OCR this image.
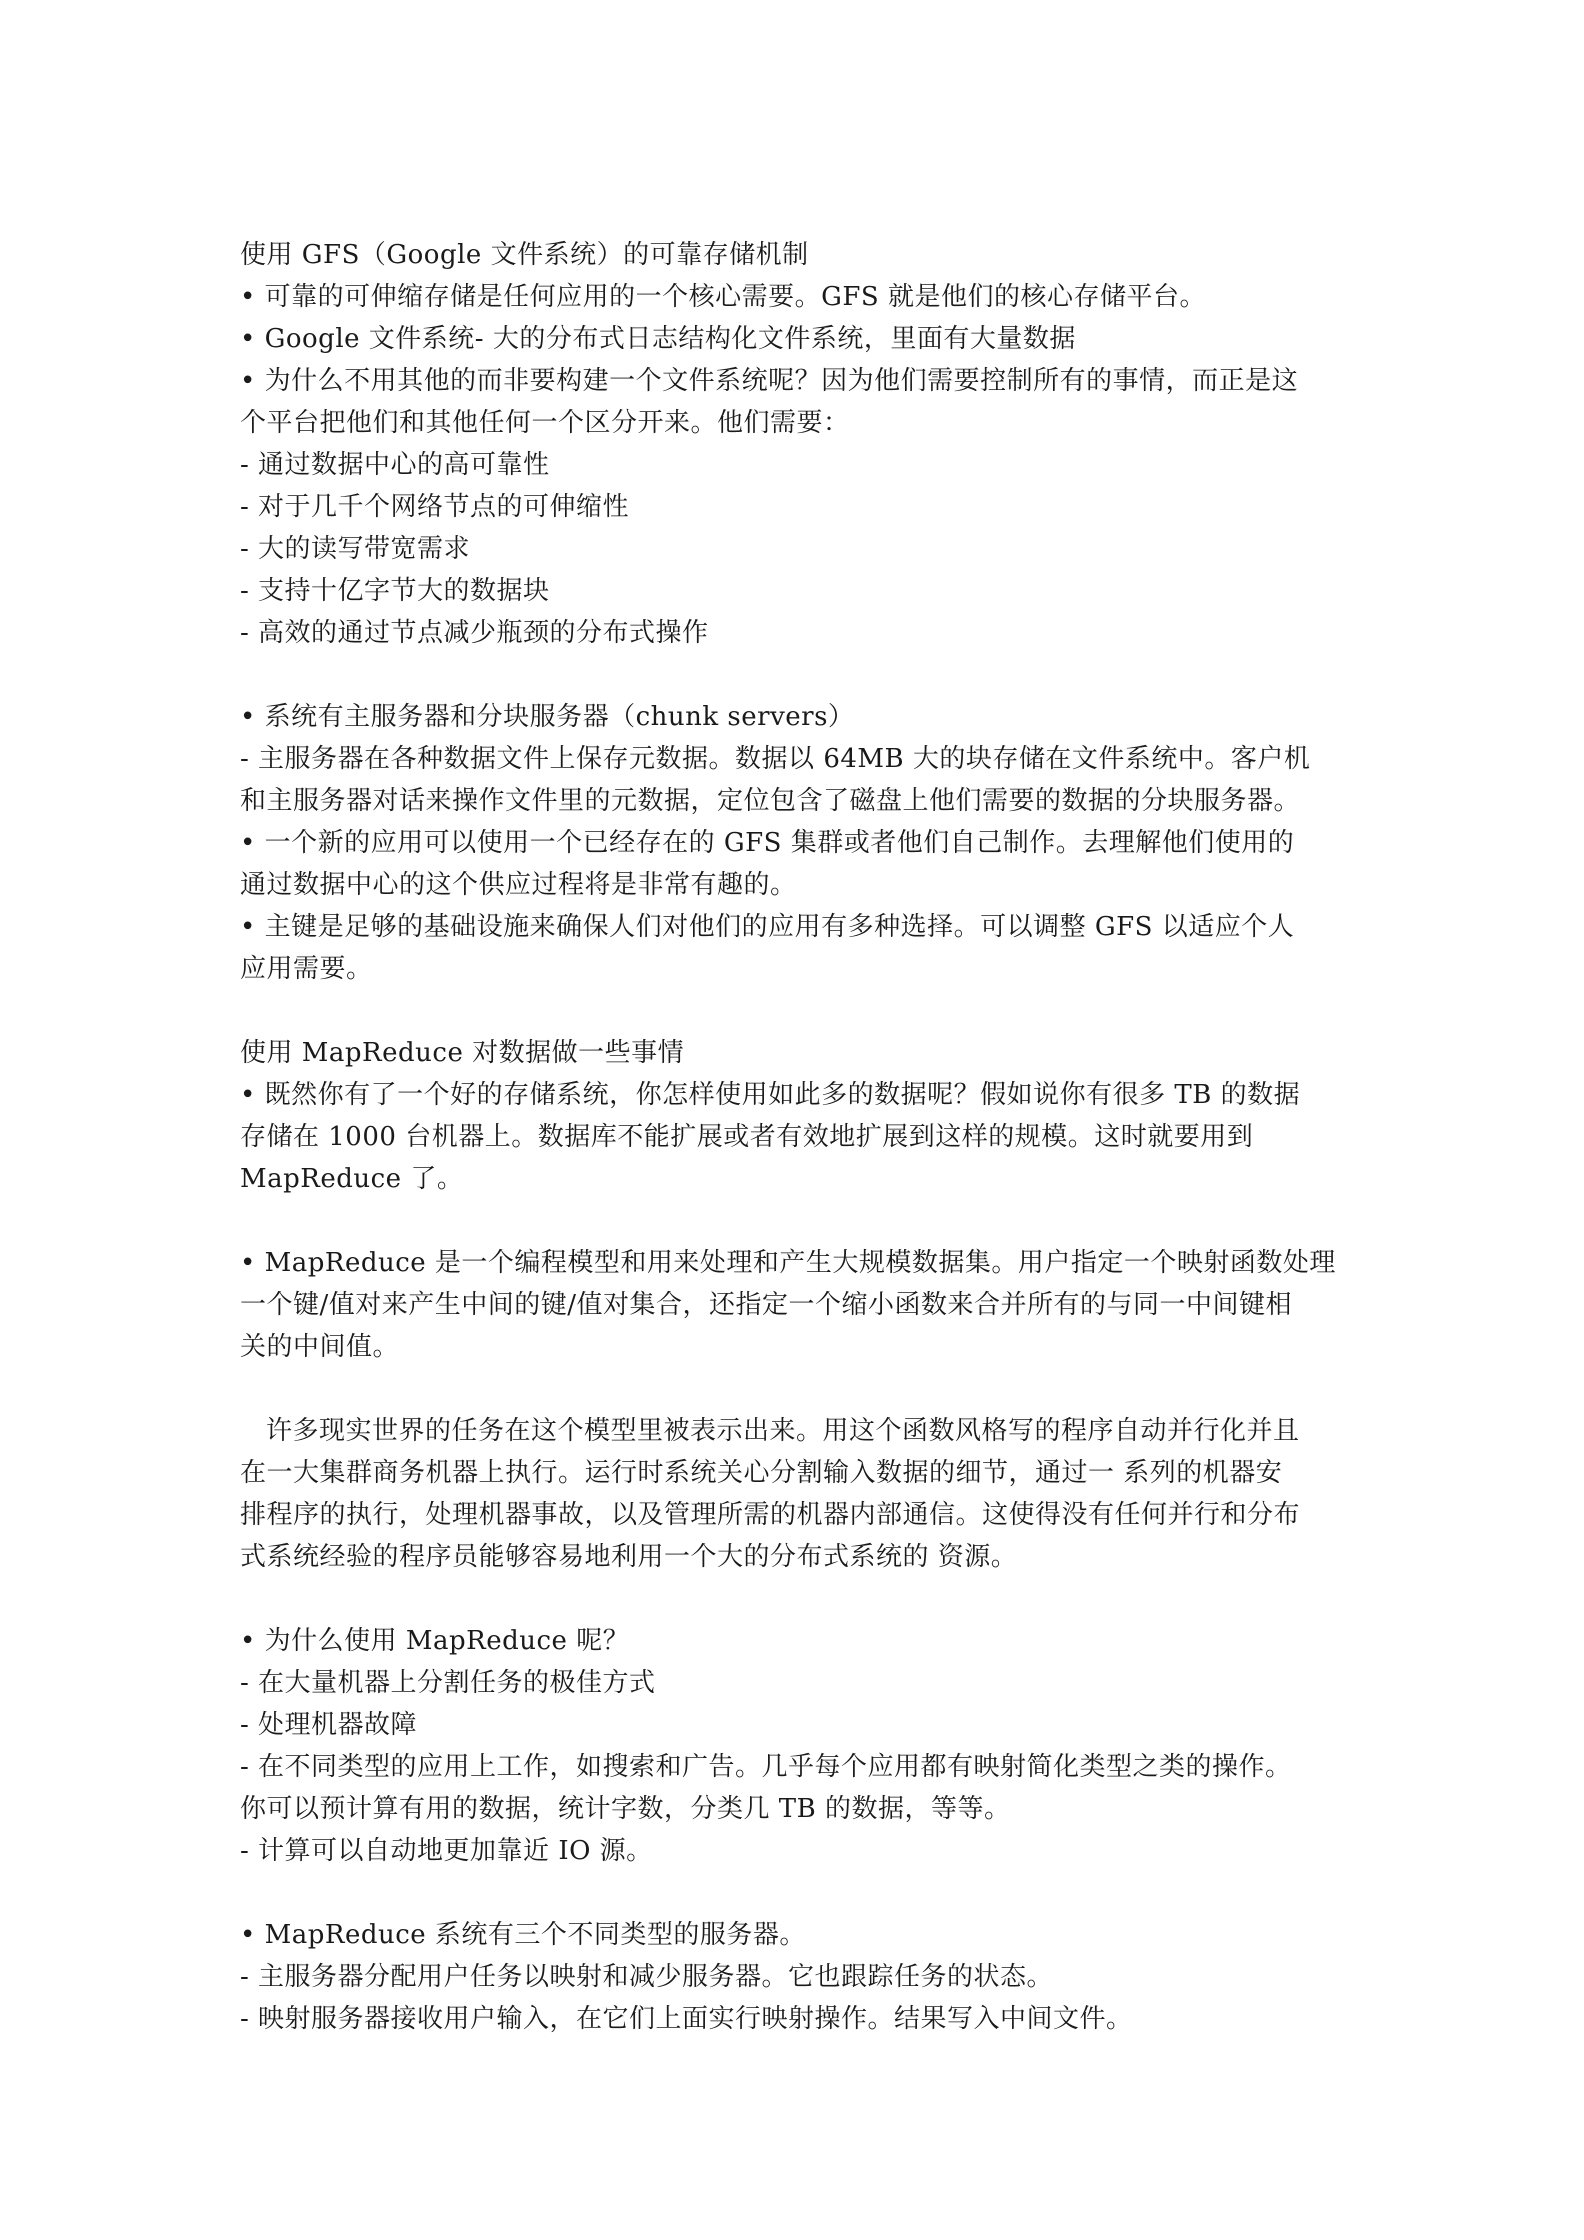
使用 GFS（Google 文件系统）的可靠存储机制
• 可靠的可伸缩存储是任何应用的一个核心需要。GFS 就是他们的核心存储平台。
• Google 文件系统- 大的分布式日志结构化文件系统，里面有大量数据
• 为什么不用其他的而非要构建一个文件系统呢？因为他们需要控制所有的事情，而正是这
个平台把他们和其他任何一个区分开来。他们需要：
- 通过数据中心的高可靠性
- 对于几千个网络节点的可伸缩性
- 大的读写带宽需求
- 支持十亿字节大的数据块
- 高效的通过节点减少瓶颈的分布式操作
• 系统有主服务器和分块服务器（chunk servers）
- 主服务器在各种数据文件上保存元数据。数据以 64MB 大的块存储在文件系统中。客户机
和主服务器对话来操作文件里的元数据，定位包含了磁盘上他们需要的数据的分块服务器。
• 一个新的应用可以使用一个已经存在的 GFS 集群或者他们自己制作。去理解他们使用的
通过数据中心的这个供应过程将是非常有趣的。
• 主键是足够的基础设施来确保人们对他们的应用有多种选择。可以调整 GFS 以适应个人
应用需要。
使用 MapReduce 对数据做一些事情
• 既然你有了一个好的存储系统，你怎样使用如此多的数据呢？假如说你有很多 TB 的数据
存储在 1000 台机器上。数据库不能扩展或者有效地扩展到这样的规模。这时就要用到
MapReduce 了。
• MapReduce 是一个编程模型和用来处理和产生大规模数据集。用户指定一个映射函数处理
一个键/值对来产生中间的键/值对集合，还指定一个缩小函数来合并所有的与同一中间键相
关的中间值。
许多现实世界的任务在这个模型里被表示出来。用这个函数风格写的程序自动并行化并且
在一大集群商务机器上执行。运行时系统关心分割输入数据的细节，通过一 系列的机器安
排程序的执行，处理机器事故，以及管理所需的机器内部通信。这使得没有任何并行和分布
式系统经验的程序员能够容易地利用一个大的分布式系统的 资源。
• 为什么使用 MapReduce 呢？
- 在大量机器上分割任务的极佳方式
- 处理机器故障
- 在不同类型的应用上工作，如搜索和广告。几乎每个应用都有映射简化类型之类的操作。
你可以预计算有用的数据，统计字数，分类几 TB 的数据，等等。
- 计算可以自动地更加靠近 IO 源。
• MapReduce 系统有三个不同类型的服务器。
- 主服务器分配用户任务以映射和减少服务器。它也跟踪任务的状态。
- 映射服务器接收用户输入，在它们上面实行映射操作。结果写入中间文件。
